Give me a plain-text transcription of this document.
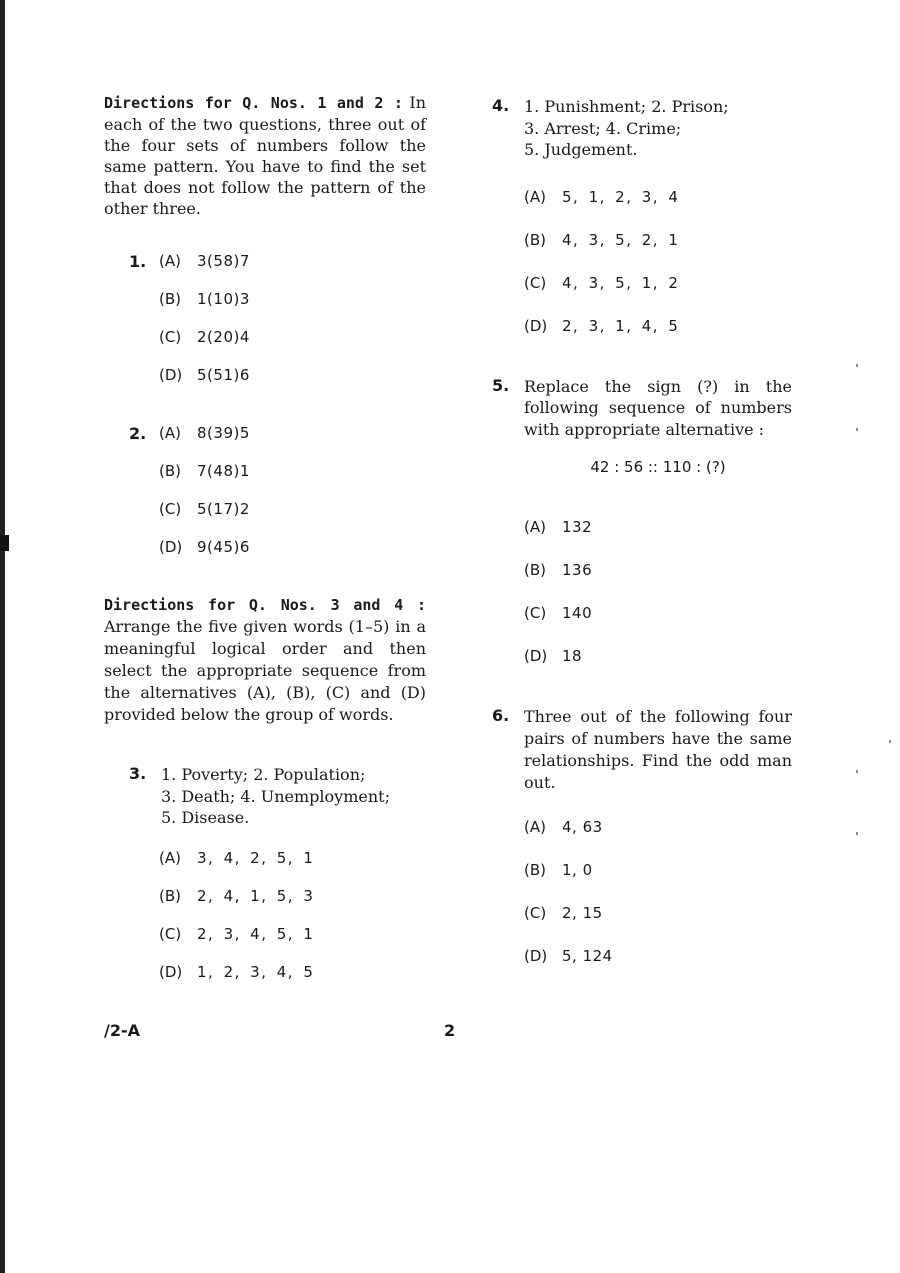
Directions for Q. Nos. 1 and 2 : In each of the two questions, three out of the four sets of numbers follow the same pattern. You have to find the set that does not follow the pattern of the other three.
1. (A) 3(58)7
(B) 1(10)3
(C) 2(20)4
(D) 5(51)6
2. (A) 8(39)5
(B) 7(48)1
(C) 5(17)2
(D) 9(45)6
Directions for Q. Nos. 3 and 4 : Arrange the five given words (1–5) in a meaningful logical order and then select the appropriate sequence from the alternatives (A), (B), (C) and (D) provided below the group of words.
3. 1. Poverty; 2. Population;
3. Death; 4. Unemployment;
5. Disease.
(A) 3, 4, 2, 5, 1
(B) 2, 4, 1, 5, 3
(C) 2, 3, 4, 5, 1
(D) 1, 2, 3, 4, 5
4. 1. Punishment; 2. Prison;
3. Arrest; 4. Crime;
5. Judgement.
(A) 5, 1, 2, 3, 4
(B) 4, 3, 5, 2, 1
(C) 4, 3, 5, 1, 2
(D) 2, 3, 1, 4, 5
5. Replace the sign (?) in the following sequence of numbers with appropriate alternative :
42 : 56 :: 110 : (?)
(A) 132
(B) 136
(C) 140
(D) 18
6. Three out of the following four pairs of numbers have the same relationships. Find the odd man out.
(A) 4, 63
(B) 1, 0
(C) 2, 15
(D) 5, 124
/2-A	2
